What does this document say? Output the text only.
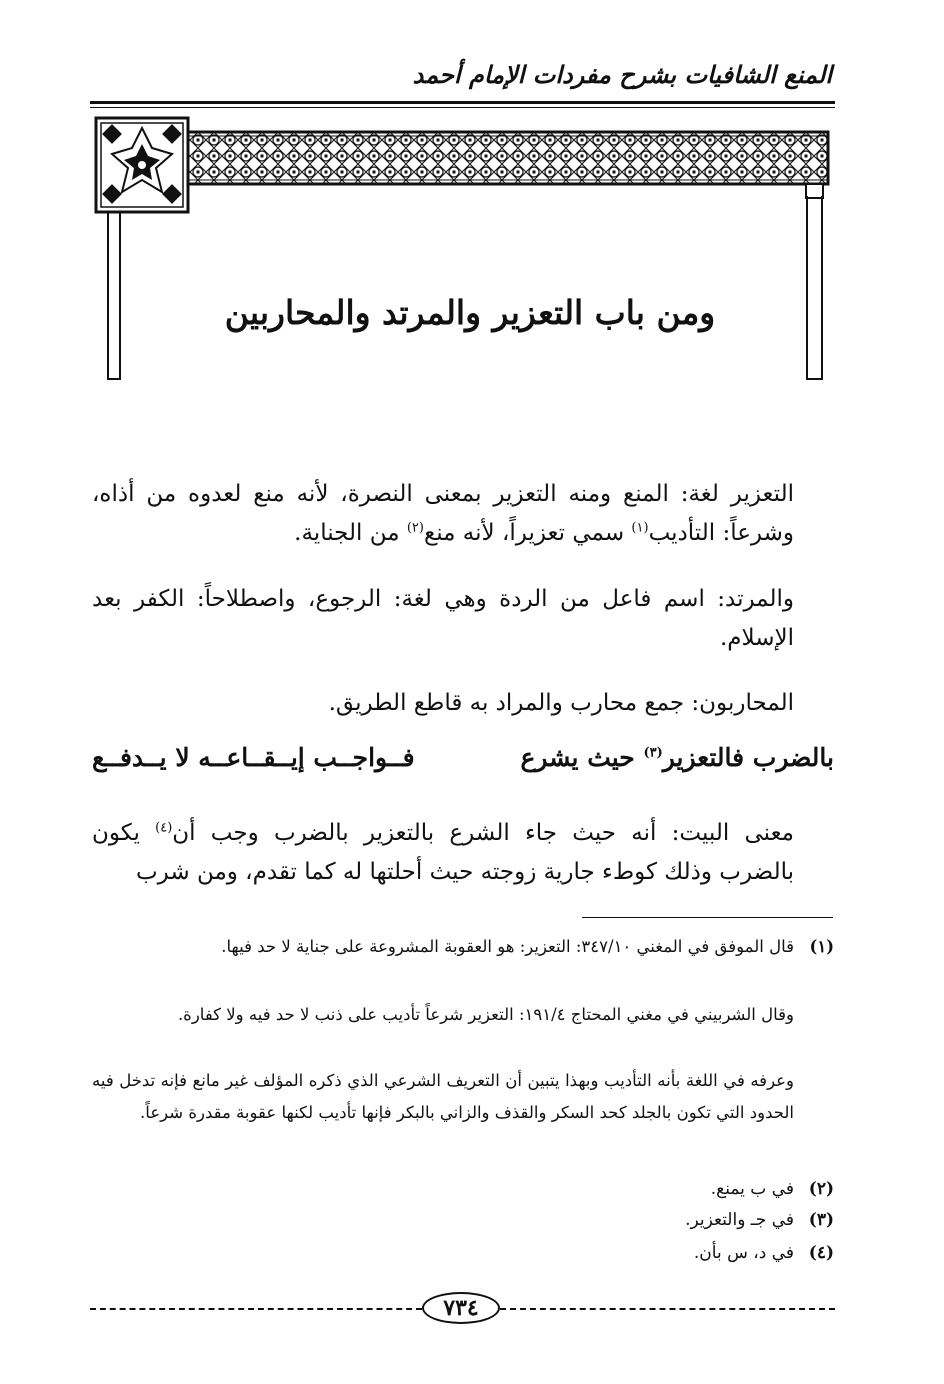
المنع الشافيات بشرح مفردات الإمام أحمد
ومن باب التعزير والمرتد والمحاربين

التعزير لغة: المنع ومنه التعزير بمعنى النصرة، لأنه منع لعدوه من أذاه، وشرعاً: التأديب$^{(١)}$ سمي تعزيراً، لأنه منع$^{(٢)}$ من الجناية.

والمرتد: اسم فاعل من الردة وهي لغة: الرجوع، واصطلاحاً: الكفر بعد الإسلام.

المحاربون: جمع محارب والمراد به قاطع الطريق.

بالضرب فالتعزير$^{(٣)}$ حيث يشرع
فــواجــب إيــقــاعــه لا يــدفــع

معنى البيت: أنه حيث جاء الشرع بالتعزير بالضرب وجب أن$^{(٤)}$ يكون بالضرب وذلك كوطء جارية زوجته حيث أحلتها له كما تقدم، ومن شرب

(١)قال الموفق في المغني ٣٤٧/١٠: التعزير: هو العقوبة المشروعة على جناية لا حد فيها.
وقال الشربيني في مغني المحتاج ١٩١/٤: التعزير شرعاً تأديب على ذنب لا حد فيه ولا كفارة.
وعرفه في اللغة بأنه التأديب وبهذا يتبين أن التعريف الشرعي الذي ذكره المؤلف غير مانع فإنه تدخل فيه الحدود التي تكون بالجلد كحد السكر والقذف والزاني بالبكر فإنها تأديب لكنها عقوبة مقدرة شرعاً.
(٢)في ب يمنع.
(٣)في جـ والتعزير.
(٤)في د، س بأن.
٧٣٤
